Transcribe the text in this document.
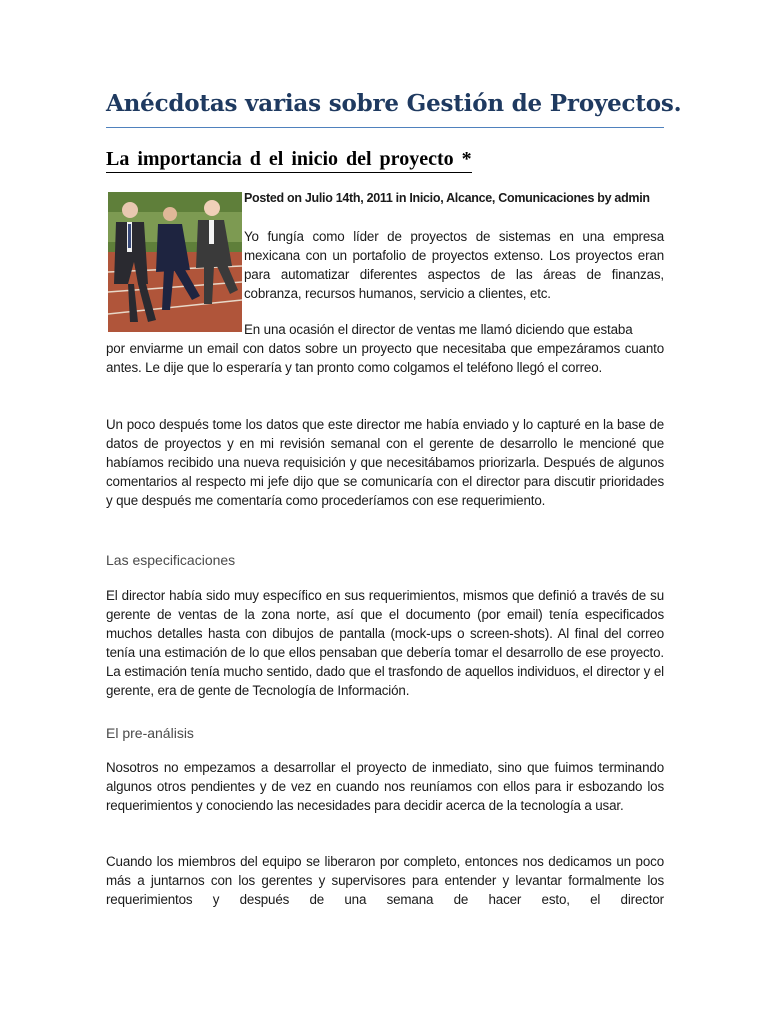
Anécdotas varias sobre Gestión de Proyectos.
La importancia d el inicio del proyecto *

Posted on Julio 14th, 2011 in Inicio, Alcance, Comunicaciones by admin

Yo fungía como líder de proyectos de sistemas en una empresa mexicana con un portafolio de proyectos extenso. Los proyectos eran para automatizar diferentes aspectos de las áreas de finanzas, cobranza, recursos humanos, servicio a clientes, etc.

En una ocasión el director de ventas me llamó diciendo que estaba
por enviarme un email con datos sobre un proyecto que necesitaba que empezáramos cuanto antes. Le dije que lo esperaría y tan pronto como colgamos el teléfono llegó el correo.

Un poco después tome los datos que este director me había enviado y lo capturé en la base de datos de proyectos y en mi revisión semanal con el gerente de desarrollo le mencioné que habíamos recibido una nueva requisición y que necesitábamos priorizarla. Después de algunos comentarios al respecto mi jefe dijo que se comunicaría con el director para discutir prioridades y que después me comentaría como procederíamos con ese requerimiento.

Las especificaciones

El director había sido muy específico en sus requerimientos, mismos que definió a través de su gerente de ventas de la zona norte, así que el documento (por email) tenía especificados muchos detalles hasta con dibujos de pantalla (mock-ups o screen-shots). Al final del correo tenía una estimación de lo que ellos pensaban que debería tomar el desarrollo de ese proyecto. La estimación tenía mucho sentido, dado que el trasfondo de aquellos individuos, el director y el gerente, era de gente de Tecnología de Información.

El pre-análisis

Nosotros no empezamos a desarrollar el proyecto de inmediato, sino que fuimos terminando algunos otros pendientes y de vez en cuando nos reuníamos con ellos para ir esbozando los requerimientos y conociendo las necesidades para decidir acerca de la tecnología a usar.

Cuando los miembros del equipo se liberaron por completo, entonces nos dedicamos un poco más a juntarnos con los gerentes y supervisores para entender y levantar formalmente los requerimientos y después de una semana de hacer esto, el director
